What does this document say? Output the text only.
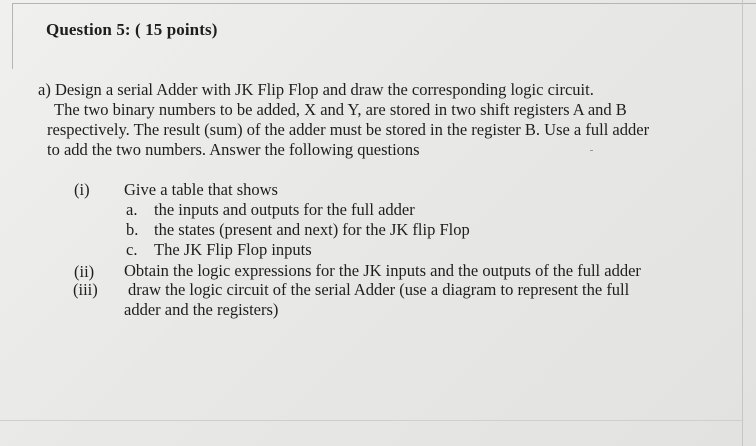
Question 5: ( 15 points)
a) Design a serial Adder with JK Flip Flop and draw the corresponding logic circuit.
The two binary numbers to be added, X and Y, are stored in two shift registers A and B
respectively. The result (sum) of the adder must be stored in the register B. Use a full adder
to add the two numbers. Answer the following questions
(i) Give a table that shows
a. the inputs and outputs for the full adder
b. the states (present and next) for the JK flip Flop
c. The JK Flip Flop inputs
(ii) Obtain the logic expressions for the JK inputs and the outputs of the full adder
(iii) draw the logic circuit of the serial Adder (use a diagram to represent the full
adder and the registers)
